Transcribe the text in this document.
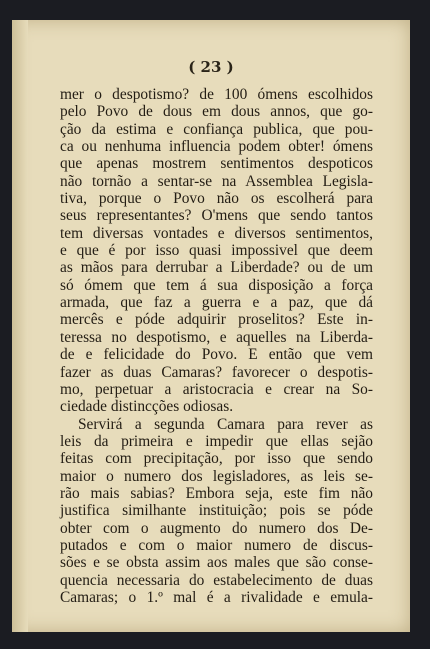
( 23 )
mer o despotismo? de 100 ómens escolhidos
pelo Povo de dous em dous annos, que go-
ção da estima e confiança publica, que pou-
ca ou nenhuma influencia podem obter! ómens
que apenas mostrem sentimentos despoticos
não tornão a sentar-se na Assemblea Legisla-
tiva, porque o Povo não os escolherá para
seus representantes? O'mens que sendo tantos
tem diversas vontades e diversos sentimentos,
e que é por isso quasi impossivel que deem
as mãos para derrubar a Liberdade? ou de um
só ómem que tem á sua disposição a força
armada, que faz a guerra e a paz, que dá
mercês e póde adquirir proselitos? Este in-
teressa no despotismo, e aquelles na Liberda-
de e felicidade do Povo. E então que vem
fazer as duas Camaras? favorecer o despotis-
mo, perpetuar a aristocracia e crear na So-
ciedade distincções odiosas.
Servirá a segunda Camara para rever as
leis da primeira e impedir que ellas sejão
feitas com precipitação, por isso que sendo
maior o numero dos legisladores, as leis se-
rão mais sabias? Embora seja, este fim não
justifica similhante instituição; pois se póde
obter com o augmento do numero dos De-
putados e com o maior numero de discus-
sões e se obsta assim aos males que são conse-
quencia necessaria do estabelecimento de duas
Camaras; o 1.º mal é a rivalidade e emula-
